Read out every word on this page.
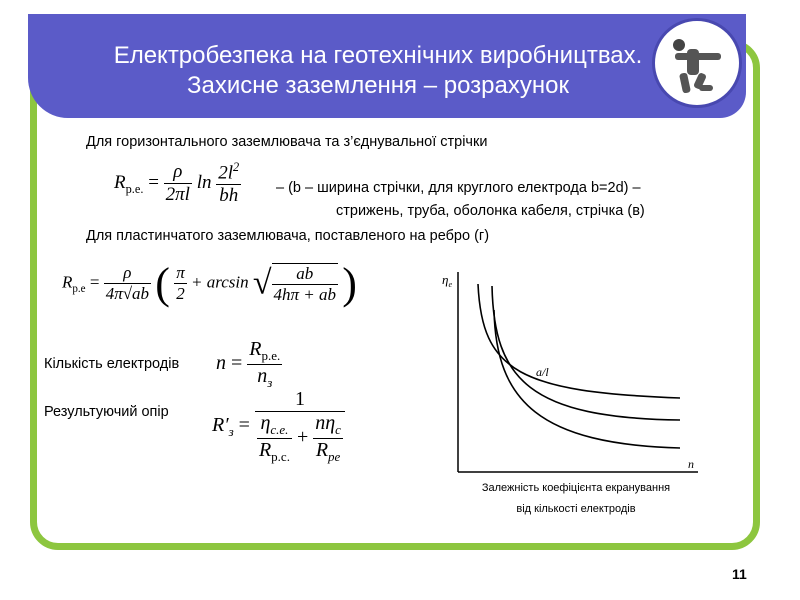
Електробезпека на геотехнічних виробництвах.
Захисне заземлення – розрахунок
Для горизонтального заземлювача та з’єднувальної стрічки
$R_{р.е.} = \frac{\rho}{2\pi l}$ $\ln \frac{2l^2}{bh} - (b$ – ширина стрічки, для круглого електрода b=2d) –
стрижень, труба, оболонка кабеля, стрічка (в)
Для пластинчатого заземлювача, поставленого на ребро (г)
$R_{р.е} = \frac{\rho}{4\pi√ab}$ ( $\frac{\pi}{2} + \arcsin$ √ $\frac{ab}{4h\pi + ab}$ )
Кількість електродів $n = \frac{R_{р.е.}}{n_з}$
Результуючий опір
$R'_з$ =
1
$\frac{\eta_{с.е.}}{R_{р.с.}} + \frac{n\eta_с}{R_{ре}}$
$\eta_е$
n
a/l
Залежність коефіцієнта екранування
від кількості електродів
11
